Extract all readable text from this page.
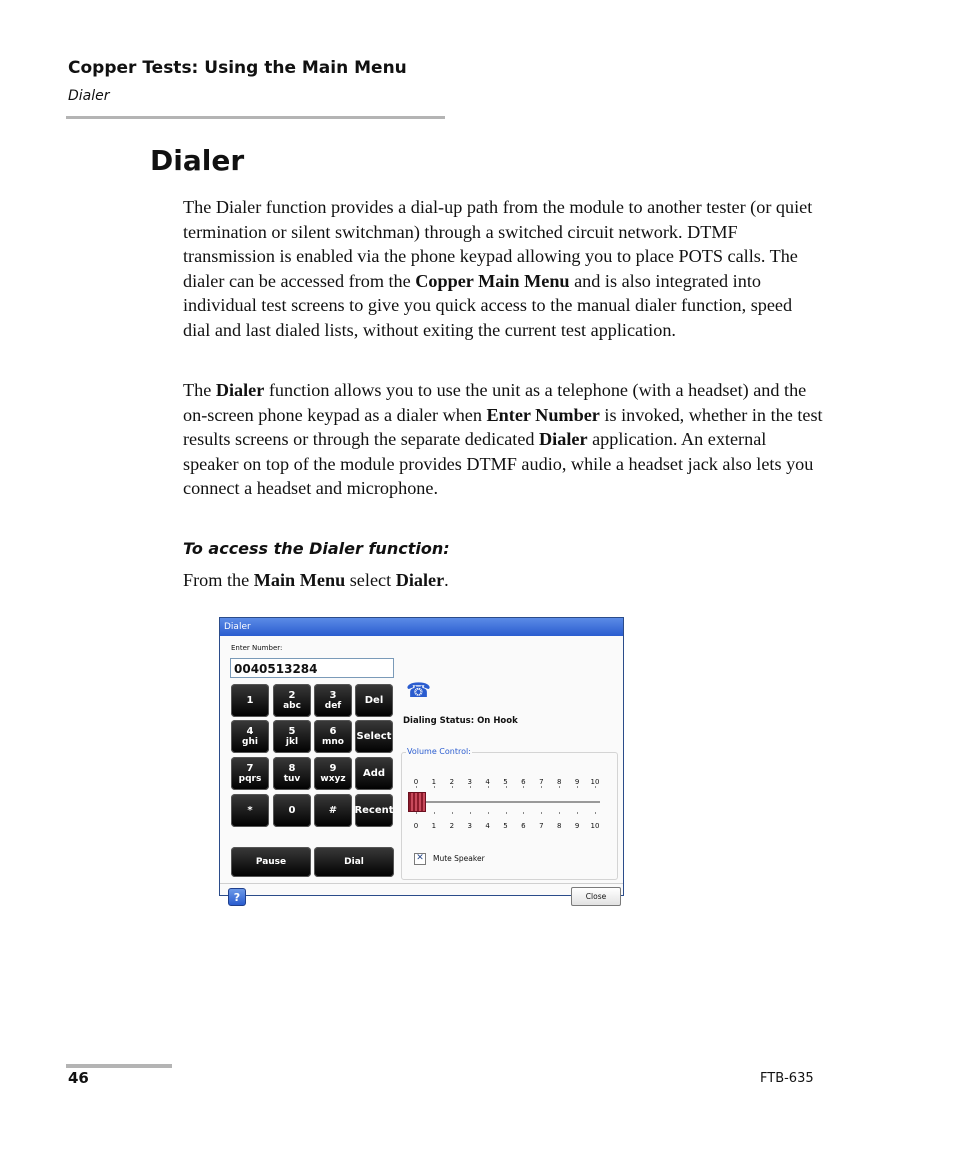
Copper Tests: Using the Main Menu
Dialer
Dialer

The Dialer function provides a dial-up path from the module to another tester (or quiet termination or silent switchman) through a switched circuit network. DTMF transmission is enabled via the phone keypad allowing you to place POTS calls. The dialer can be accessed from the Copper Main Menu and is also integrated into individual test screens to give you quick access to the manual dialer function, speed dial and last dialed lists, without exiting the current test application.

The Dialer function allows you to use the unit as a telephone (with a headset) and the on-screen phone keypad as a dialer when Enter Number is invoked, whether in the test results screens or through the separate dedicated Dialer application. An external speaker on top of the module provides DTMF audio, while a headset jack also lets you connect a headset and microphone.

To access the Dialer function:

From the Main Menu select Dialer.

Dialer
Enter Number:
0040513284
1	2
abc
3
def Del
4
ghi
5
jkl
6
mno Select
7
pqrs
8
tuv
9
wxyz Add
*	0	# Recent
Pause	Dial
☎
Dialing Status: On Hook
Volume Control:
0	1	2	3	4	5	6	7	8	9	10
0	1	2	3	4	5	6	7	8	9	10
✕ Mute Speaker
?	Close
46	FTB-635
